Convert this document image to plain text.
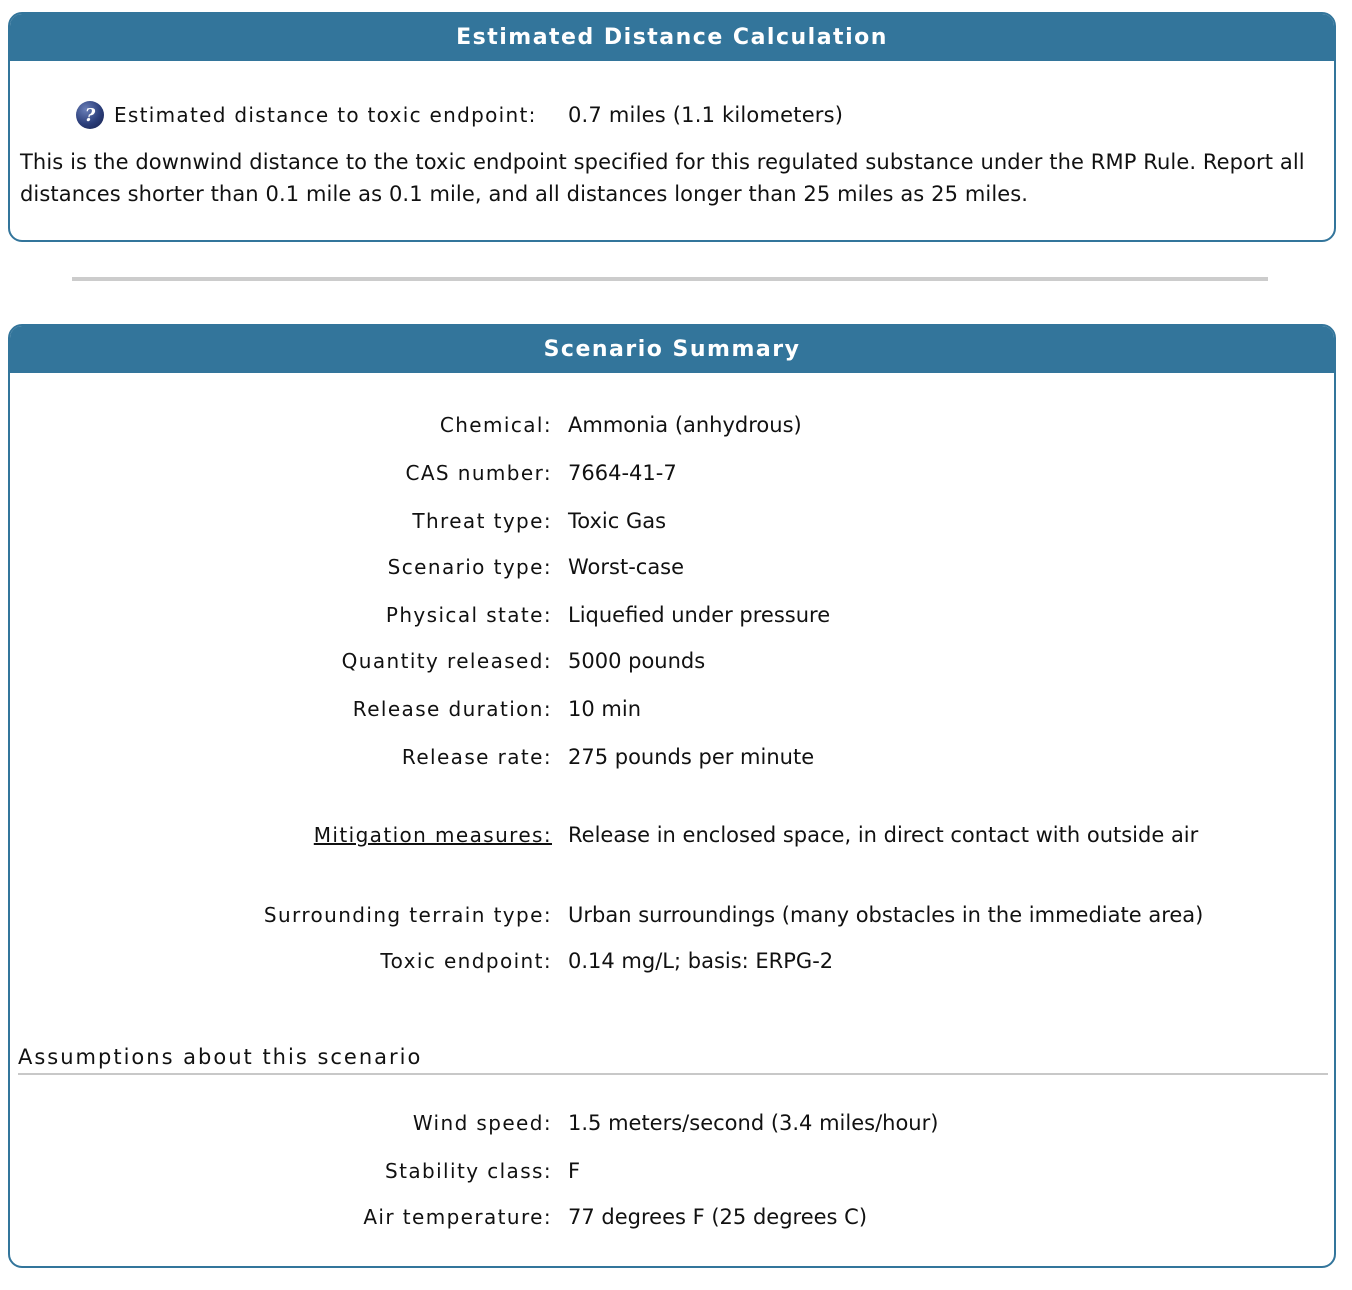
Estimated Distance Calculation
? Estimated distance to toxic endpoint:	0.7 miles (1.1 kilometers)
This is the downwind distance to the toxic endpoint specified for this regulated substance under the RMP Rule. Report all distances shorter than 0.1 mile as 0.1 mile, and all distances longer than 25 miles as 25 miles.
Scenario Summary
Chemical: Ammonia (anhydrous)
CAS number: 7664-41-7
Threat type: Toxic Gas
Scenario type: Worst-case
Physical state: Liquefied under pressure
Quantity released: 5000 pounds
Release duration: 10 min
Release rate: 275 pounds per minute
Mitigation measures: Release in enclosed space, in direct contact with outside air
Surrounding terrain type: Urban surroundings (many obstacles in the immediate area)
Toxic endpoint: 0.14 mg/L; basis: ERPG-2
Assumptions about this scenario
Wind speed: 1.5 meters/second (3.4 miles/hour)
Stability class: F
Air temperature: 77 degrees F (25 degrees C)
